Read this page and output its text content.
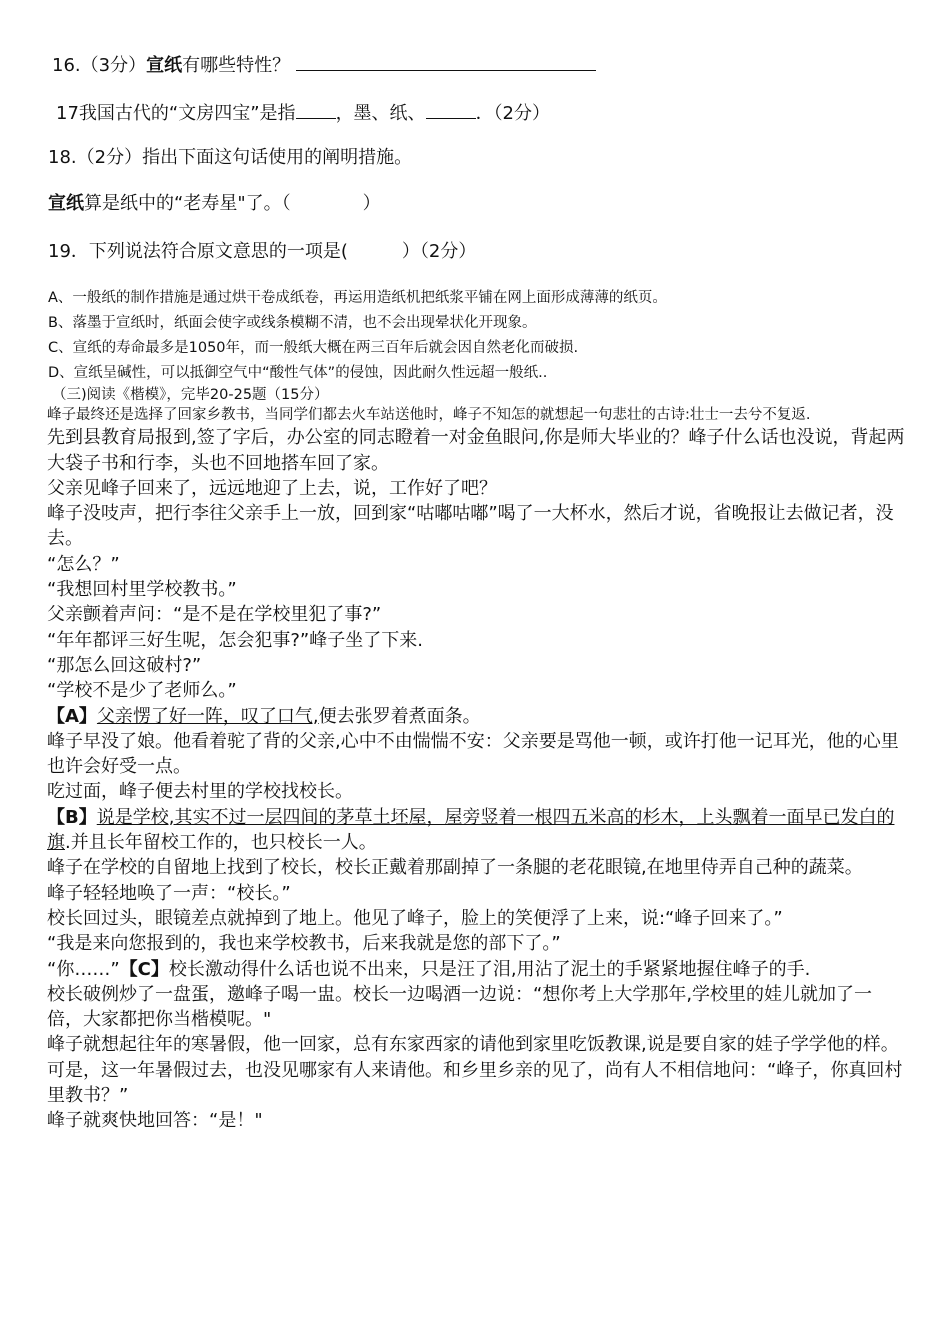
16.（3分）宣纸有哪些特性？
17我国古代的“文房四宝”是指 ，墨、纸、	．（2分）
18.（2分）指出下面这句话使用的阐明措施。
宣纸算是纸中的“老寿星"了。（　　　　）
19．下列说法符合原文意思的一项是(　　　）（2分）
A、一般纸的制作措施是通过烘干卷成纸卷，再运用造纸机把纸浆平铺在网上面形成薄薄的纸页。
B、落墨于宣纸时，纸面会使字或线条模糊不清，也不会出现晕状化开现象。
C、宣纸的寿命最多是1050年，而一般纸大概在两三百年后就会因自然老化而破损.
D、宣纸呈碱性，可以抵御空气中“酸性气体”的侵蚀，因此耐久性远超一般纸..
（三)阅读《楷模》，完毕20-25题（15分）

峰子最终还是选择了回家乡教书，当同学们都去火车站送他时，峰子不知怎的就想起一句悲壮的古诗:壮士一去兮不复返.

先到县教育局报到,签了字后，办公室的同志瞪着一对金鱼眼问,你是师大毕业的？峰子什么话也没说，背起两大袋子书和行李，头也不回地搭车回了家。

父亲见峰子回来了，远远地迎了上去，说，工作好了吧？

峰子没吱声，把行李往父亲手上一放，回到家“咕嘟咕嘟”喝了一大杯水，然后才说，省晚报让去做记者，没去。

“怎么？”

“我想回村里学校教书。”

父亲颤着声问：“是不是在学校里犯了事?”

“年年都评三好生呢，怎会犯事?”峰子坐了下来.

“那怎么回这破村?”

“学校不是少了老师么。”

【A】父亲愣了好一阵，叹了口气,便去张罗着煮面条。

峰子早没了娘。他看着驼了背的父亲,心中不由惴惴不安：父亲要是骂他一顿，或许打他一记耳光，他的心里也许会好受一点。

吃过面，峰子便去村里的学校找校长。

【B】说是学校,其实不过一层四间的茅草土坯屋，屋旁竖着一根四五米高的杉木，上头飘着一面早已发白的旗.并且长年留校工作的，也只校长一人。

峰子在学校的自留地上找到了校长，校长正戴着那副掉了一条腿的老花眼镜,在地里侍弄自己种的蔬菜。

峰子轻轻地唤了一声：“校长。”

校长回过头，眼镜差点就掉到了地上。他见了峰子，脸上的笑便浮了上来，说:“峰子回来了。”

“我是来向您报到的，我也来学校教书，后来我就是您的部下了。”

“你……”【C】校长激动得什么话也说不出来，只是汪了泪,用沾了泥土的手紧紧地握住峰子的手.

校长破例炒了一盘蛋，邀峰子喝一盅。校长一边喝酒一边说：“想你考上大学那年,学校里的娃儿就加了一倍，大家都把你当楷模呢。"

峰子就想起往年的寒暑假，他一回家，总有东家西家的请他到家里吃饭教课,说是要自家的娃子学学他的样。

可是，这一年暑假过去，也没见哪家有人来请他。和乡里乡亲的见了，尚有人不相信地问：“峰子，你真回村里教书？”

峰子就爽快地回答：“是！"
